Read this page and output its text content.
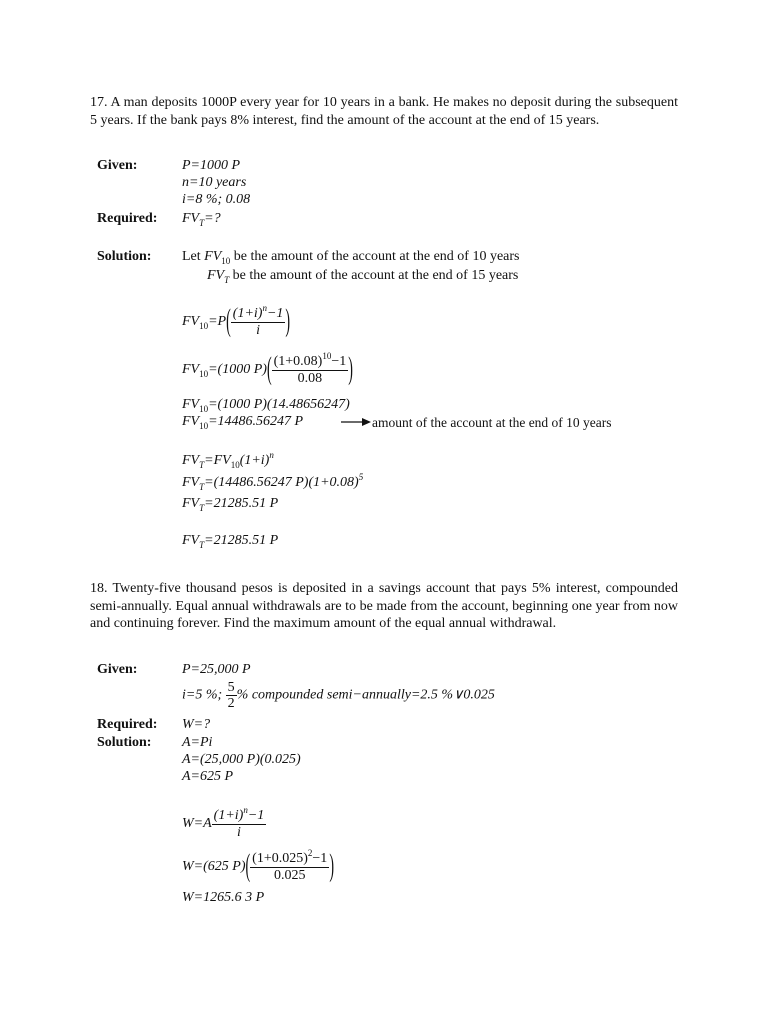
17. A man deposits 1000P every year for 10 years in a bank. He makes no deposit during the subsequent 5 years. If the bank pays 8% interest, find the amount of the account at the end of 15 years.
Given:	P=1000 P
n=10 years
i=8 %; 0.08
Required: $FV_T=$?
Solution: Let $FV_{10}$ be the amount of the account at the end of 10 years
$FV_T$ be the amount of the account at the end of 15 years
$FV_{10}=P( \frac{(1+i)^n-1}{i}$ )
$FV_{10}=(1000$ $P)( \frac{(1+0.08)^{10}-1}{0.08}$ )
$FV_{10}=(1000$ P)(14.48656247)
$FV_{10}=14486.56247$ P	amount of the account at the end of 10 years
$FV_T=FV_{10}(1+i)^n$
$FV_T=(14486.56247$ $P)(1+0.08)^5$
$FV_T=21285.51$ P
$FV_T=21285.51$ P
18. Twenty-five thousand pesos is deposited in a savings account that pays 5% interest, compounded semi-annually. Equal annual withdrawals are to be made from the account, beginning one year from now and continuing forever. Find the maximum amount of the equal annual withdrawal.
Given:	P=25,000 P
i=5 %; $\frac{5}{2}$ % compounded semi−annually=2.5 %∨0.025
Required: W=?
Solution: A=Pi
A=(25,000 P)(0.025)
A=625 P
$W=A \frac{(1+i)^n-1}{i}$
W=(625 $P)( \frac{(1+0.025)^2-1}{0.025}$ )
W=1265.6 3 P
